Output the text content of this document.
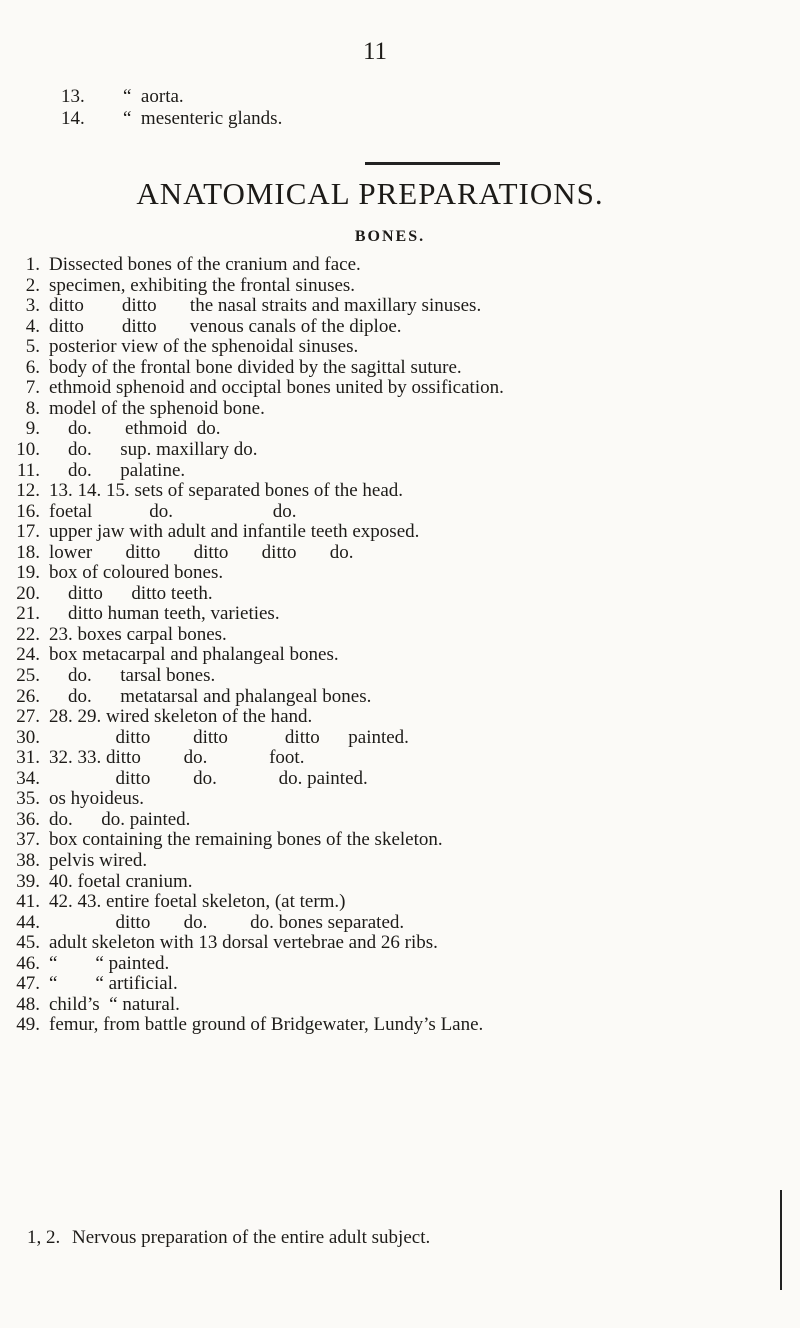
11

13. “  aorta.

14. “  mesenteric glands.

ANATOMICAL PREPARATIONS.
BONES.
1. Dissected bones of the cranium and face.
2. specimen, exhibiting the frontal sinuses.
3. ditto        ditto       the nasal straits and maxillary sinuses.
4. ditto        ditto       venous canals of the diploe.
5. posterior view of the sphenoidal sinuses.
6. body of the frontal bone divided by the sagittal suture.
7. ethmoid sphenoid and occiptal bones united by ossification.
8. model of the sphenoid bone.
9. do.       ethmoid  do.
10. do.      sup. maxillary do.
11. do.      palatine.
12. 13. 14. 15. sets of separated bones of the head.
16. foetal            do.                     do.
17. upper jaw with adult and infantile teeth exposed.
18. lower       ditto       ditto       ditto       do.
19. box of coloured bones.
20. ditto      ditto teeth.
21. ditto human teeth, varieties.
22. 23. boxes carpal bones.
24. box metacarpal and phalangeal bones.
25. do.      tarsal bones.
26. do.      metatarsal and phalangeal bones.
27. 28. 29. wired skeleton of the hand.
30. ditto         ditto            ditto      painted.
31. 32. 33. ditto         do.             foot.
34. ditto         do.             do. painted.
35. os hyoideus.
36. do.      do. painted.
37. box containing the remaining bones of the skeleton.
38. pelvis wired.
39. 40. foetal cranium.
41. 42. 43. entire foetal skeleton, (at term.)
44. ditto       do.         do. bones separated.
45. adult skeleton with 13 dorsal vertebrae and 26 ribs.
46. “        “ painted.
47. “        “ artificial.
48. child’s  “ natural.
49. femur, from battle ground of Bridgewater, Lundy’s Lane.
1, 2. Nervous preparation of the entire adult subject.
